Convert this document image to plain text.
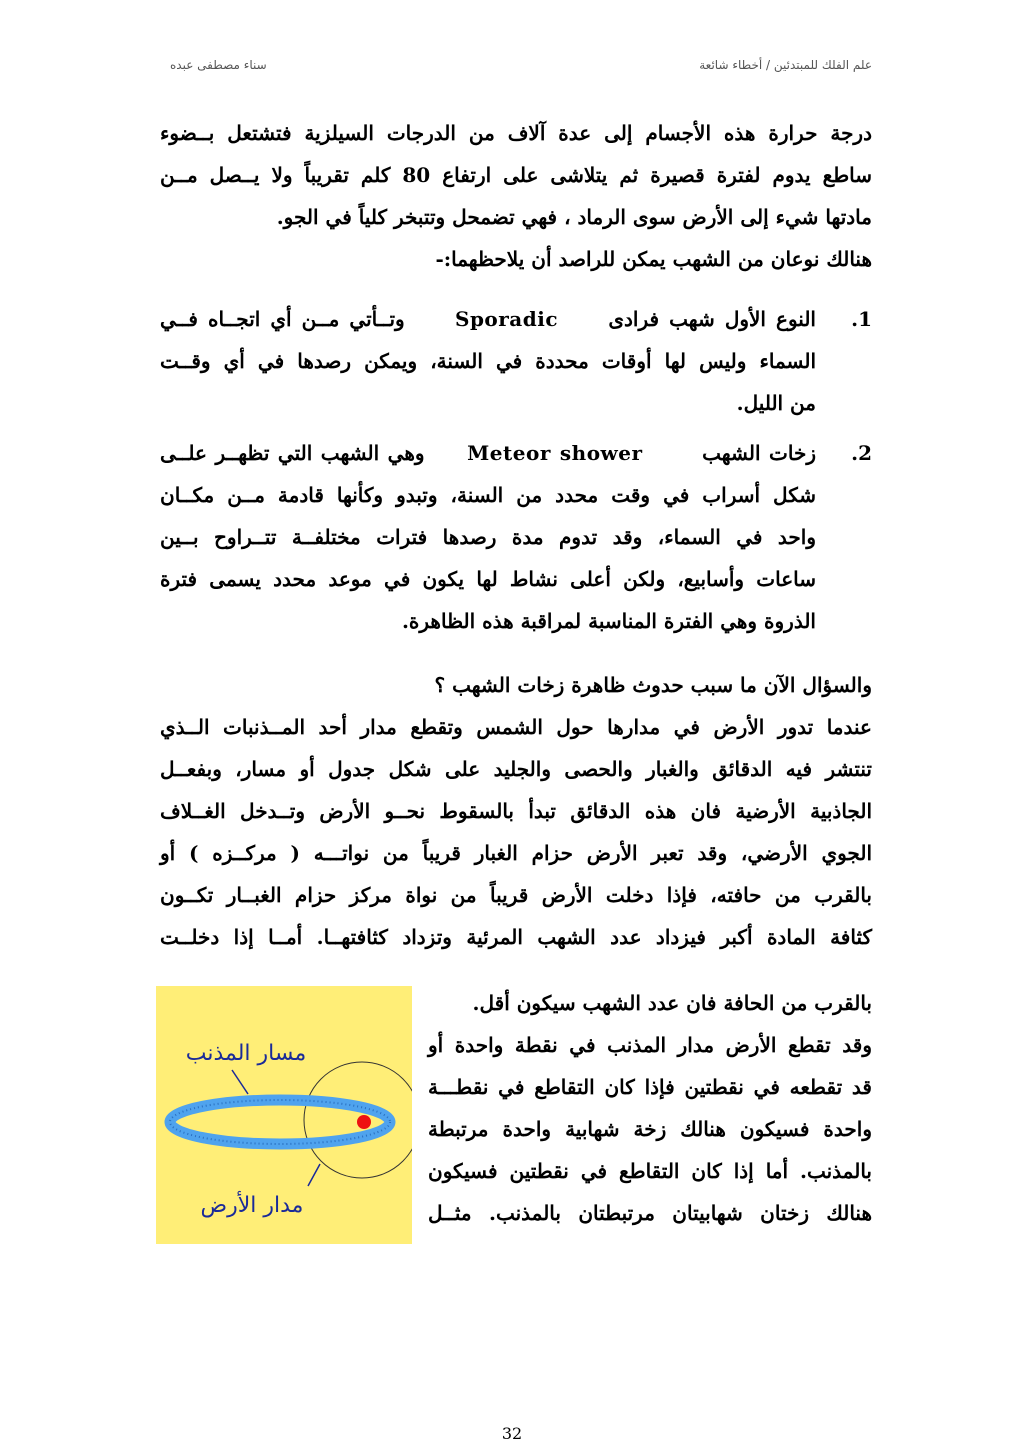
علم الفلك للمبتدئين / أخطاء شائعة
سناء مصطفى عبده
درجة حرارة هذه الأجسام إلى عدة آلاف من الدرجات السيلزية فتشتعل بــضوء
ساطع يدوم لفترة قصيرة ثم يتلاشى على ارتفاع 80 كلم تقريباً ولا يــصل مــن
مادتها شيء إلى الأرض سوى الرماد ، فهي تضمحل وتتبخر كلياً في الجو.
هنالك نوعان من الشهب يمكن للراصد أن يلاحظهما:-
1.
النوع الأول شهب فرادى     Sporadic     وتــأتي مــن أي اتجــاه فــي
السماء وليس لها أوقات محددة في السنة، ويمكن رصدها في أي وقــت
من الليل.
2.
زخات الشهب       Meteor shower     وهي الشهب التي تظهــر علــى
شكل أسراب في وقت محدد من السنة، وتبدو وكأنها قادمة مــن مكــان
واحد في السماء، وقد تدوم مدة رصدها فترات مختلفــة تتــراوح بــين
ساعات وأسابيع، ولكن أعلى نشاط لها يكون في موعد محدد يسمى فترة
الذروة وهي الفترة المناسبة لمراقبة هذه الظاهرة.
والسؤال الآن ما سبب حدوث ظاهرة زخات الشهب ؟
عندما تدور الأرض في مدارها حول الشمس وتقطع مدار أحد المــذنبات الــذي
تنتشر فيه الدقائق والغبار والحصى والجليد على شكل جدول أو مسار، وبفعــل
الجاذبية الأرضية فان هذه الدقائق تبدأ بالسقوط نحــو الأرض وتــدخل الغــلاف
الجوي الأرضي، وقد تعبر الأرض حزام الغبار قريباً من نواتـــه ( مركــزه ) أو
بالقرب من حافته، فإذا دخلت الأرض قريباً من نواة مركز حزام الغبــار تكــون
كثافة المادة أكبر فيزداد عدد الشهب المرئية وتزداد كثافتهــا. أمــا إذا دخلــت
بالقرب من الحافة فان عدد الشهب سيكون أقل.
وقد تقطع الأرض مدار المذنب في نقطة واحدة أو
قد تقطعه في نقطتين فإذا كان التقاطع في نقطـــة
واحدة فسيكون هنالك زخة شهابية واحدة مرتبطة
بالمذنب. أما إذا كان التقاطع في نقطتين فسيكون
هنالك زختان شهابيتان مرتبطتان بالمذنب. مثــل
مسار المذنب
مدار الأرض
32
